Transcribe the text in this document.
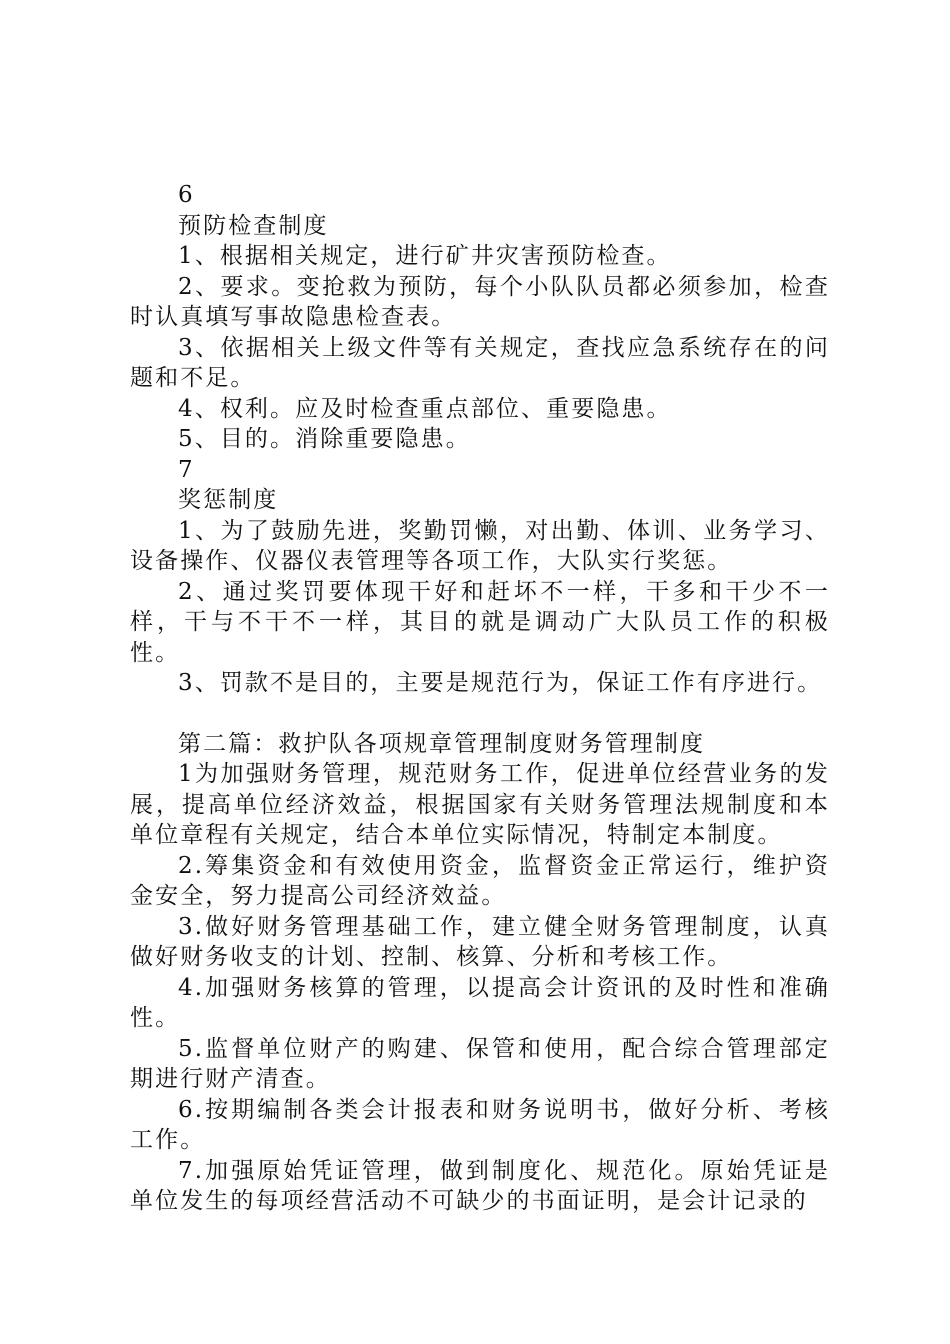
6

预防检查制度

1、根据相关规定，进行矿井灾害预防检查。

2、要求。变抢救为预防，每个小队队员都必须参加，检查时认真填写事故隐患检查表。

3、依据相关上级文件等有关规定，查找应急系统存在的问题和不足。

4、权利。应及时检查重点部位、重要隐患。

5、目的。消除重要隐患。

7

奖惩制度

1、为了鼓励先进，奖勤罚懒，对出勤、体训、业务学习、设备操作、仪器仪表管理等各项工作，大队实行奖惩。

2、通过奖罚要体现干好和赶坏不一样，干多和干少不一样，干与不干不一样，其目的就是调动广大队员工作的积极性。

3、罚款不是目的，主要是规范行为，保证工作有序进行。

第二篇：救护队各项规章管理制度财务管理制度

1为加强财务管理，规范财务工作，促进单位经营业务的发展，提高单位经济效益，根据国家有关财务管理法规制度和本单位章程有关规定，结合本单位实际情况，特制定本制度。

2.筹集资金和有效使用资金，监督资金正常运行，维护资金安全，努力提高公司经济效益。

3.做好财务管理基础工作，建立健全财务管理制度，认真做好财务收支的计划、控制、核算、分析和考核工作。

4.加强财务核算的管理，以提高会计资讯的及时性和准确性。

5.监督单位财产的购建、保管和使用，配合综合管理部定期进行财产清查。

6.按期编制各类会计报表和财务说明书，做好分析、考核工作。

7.加强原始凭证管理，做到制度化、规范化。原始凭证是单位发生的每项经营活动不可缺少的书面证明，是会计记录的
